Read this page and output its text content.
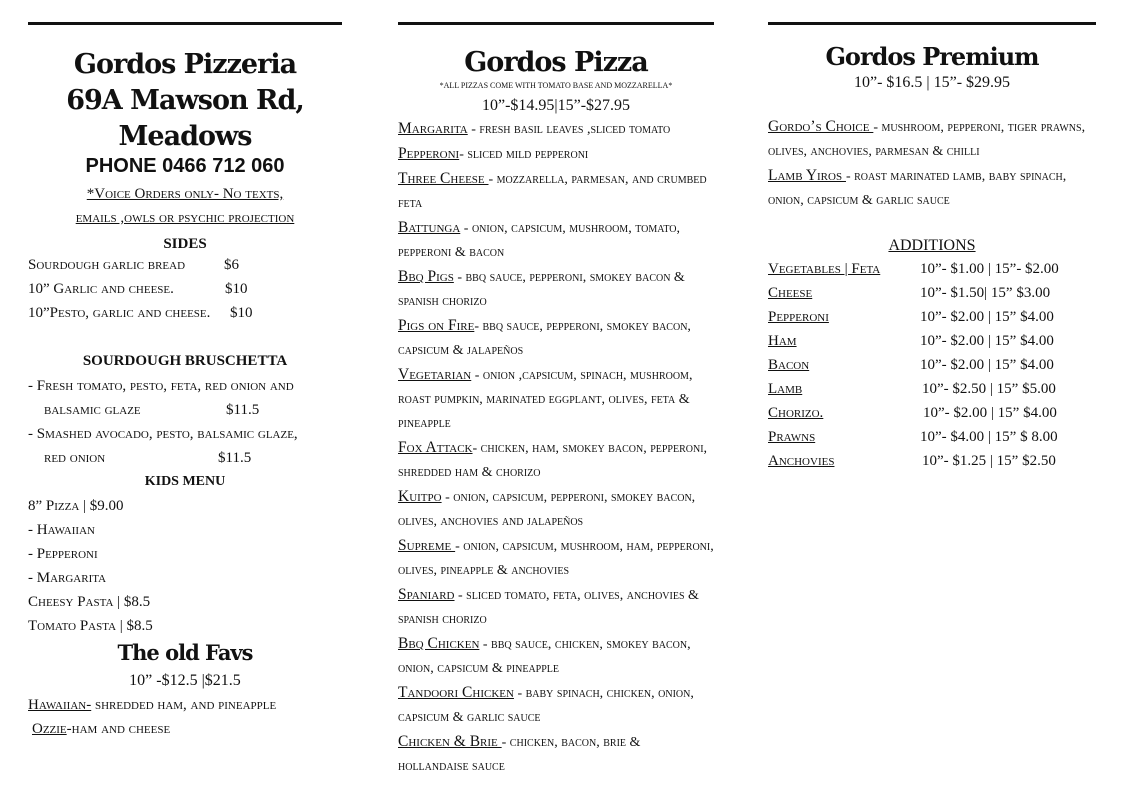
Gordos Pizzeria
69A Mawson Rd,
Meadows
PHONE 0466 712 060
*Voice Orders only- No texts,
emails ,owls or psychic projection
SIDES
Sourdough garlic bread	$6
10” Garlic and cheese.	$10
10”Pesto, garlic and cheese. $10
SOURDOUGH BRUSCHETTA
- Fresh tomato, pesto, feta, red onion and
balsamic glaze	$11.5
- Smashed avocado, pesto, balsamic glaze,
red onion	$11.5
KIDS MENU
8” Pizza | $9.00
- Hawaiian
- Pepperoni
- Margarita
Cheesy Pasta | $8.5
Tomato Pasta | $8.5
The old Favs
10” -$12.5 |$21.5
Hawaiian- shredded ham, and pineapple
Ozzie-ham and cheese
Gordos Pizza
*ALL PIZZAS COME WITH TOMATO BASE AND MOZZARELLA*
10”-$14.95|15”-$27.95
Margarita - fresh basil leaves ,sliced tomato
Pepperoni- sliced mild pepperoni
Three Cheese - mozzarella, parmesan, and crumbed feta
Battunga - onion, capsicum, mushroom, tomato, pepperoni & bacon
Bbq Pigs - bbq sauce, pepperoni, smokey bacon & spanish chorizo
Pigs on Fire- bbq sauce, pepperoni, smokey bacon, capsicum & jalapeños
Vegetarian - onion ,capsicum, spinach, mushroom, roast pumpkin, marinated eggplant, olives, feta & pineapple
Fox Attack- chicken, ham, smokey bacon, pepperoni, shredded ham & chorizo
Kuitpo - onion, capsicum, pepperoni, smokey bacon, olives, anchovies and jalapeños
Supreme - onion, capsicum, mushroom, ham, pepperoni, olives, pineapple & anchovies
Spaniard - sliced tomato, feta, olives, anchovies & spanish chorizo
Bbq Chicken - bbq sauce, chicken, smokey bacon, onion, capsicum & pineapple
Tandoori Chicken - baby spinach, chicken, onion, capsicum & garlic sauce
Chicken & Brie - chicken, bacon, brie & hollandaise sauce
Gordos Premium
10”- $16.5 | 15”- $29.95
Gordo’s Choice - mushroom, pepperoni, tiger prawns, olives, anchovies, parmesan & chilli
Lamb Yiros - roast marinated lamb, baby spinach, onion, capsicum & garlic sauce
ADDITIONS
Vegetables | Feta	10”- $1.00 | 15”- $2.00
Cheese	10”- $1.50| 15” $3.00
Pepperoni	10”- $2.00 | 15” $4.00
Ham	10”- $2.00 | 15” $4.00
Bacon	10”- $2.00 | 15” $4.00
Lamb	10”- $2.50 | 15” $5.00
Chorizo.	10”- $2.00 | 15” $4.00
Prawns	10”- $4.00 | 15” $ 8.00
Anchovies	10”- $1.25 | 15” $2.50
